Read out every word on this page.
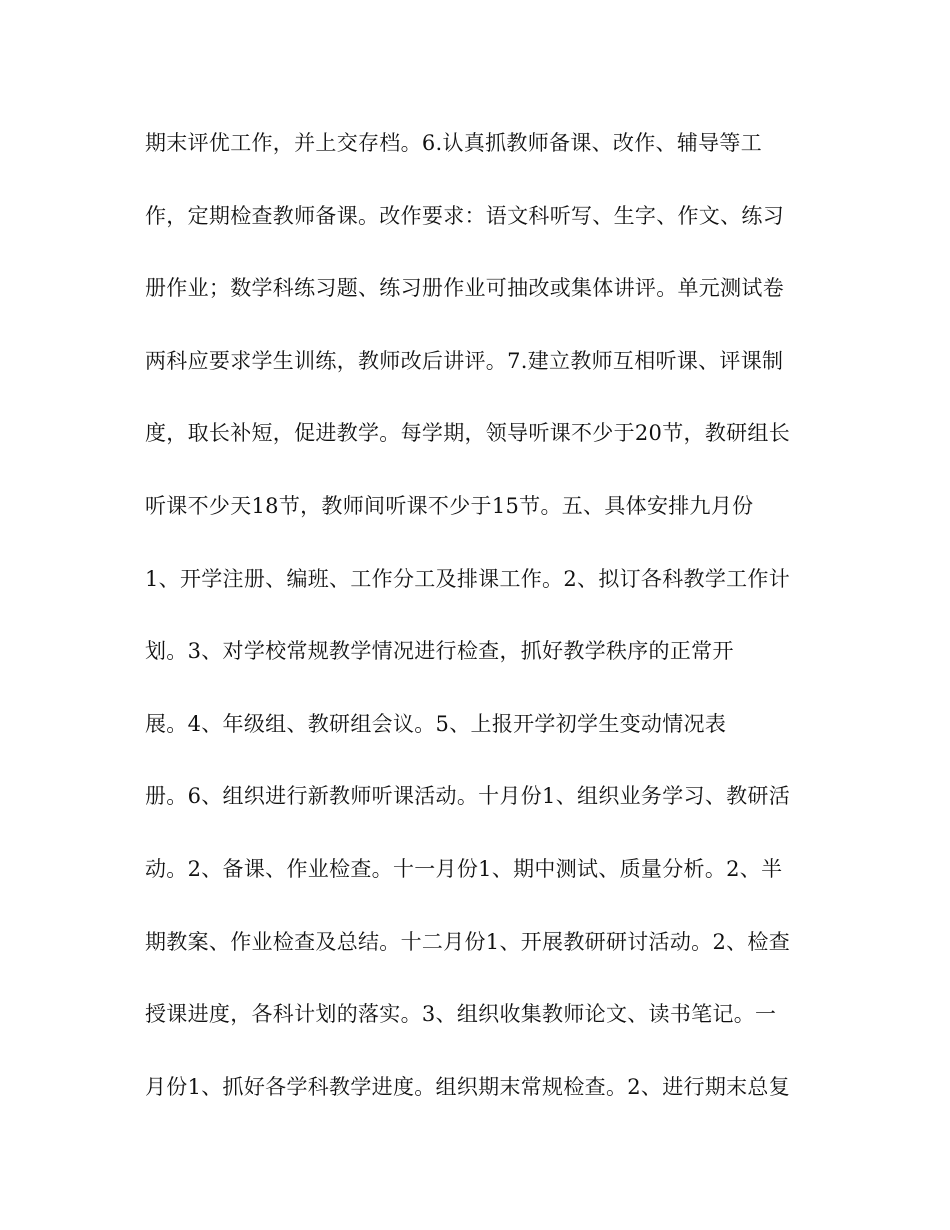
期末评优工作，并上交存档。6.认真抓教师备课、改作、辅导等工
作，定期检查教师备课。改作要求：语文科听写、生字、作文、练习
册作业；数学科练习题、练习册作业可抽改或集体讲评。单元测试卷
两科应要求学生训练，教师改后讲评。7.建立教师互相听课、评课制
度，取长补短，促进教学。每学期，领导听课不少于20节，教研组长
听课不少天18节，教师间听课不少于15节。五、具体安排九月份
1、开学注册、编班、工作分工及排课工作。2、拟订各科教学工作计
划。3、对学校常规教学情况进行检查，抓好教学秩序的正常开
展。4、年级组、教研组会议。5、上报开学初学生变动情况表
册。6、组织进行新教师听课活动。十月份1、组织业务学习、教研活
动。2、备课、作业检查。十一月份1、期中测试、质量分析。2、半
期教案、作业检查及总结。十二月份1、开展教研研讨活动。2、检查
授课进度，各科计划的落实。3、组织收集教师论文、读书笔记。一
月份1、抓好各学科教学进度。组织期末常规检查。2、进行期末总复
